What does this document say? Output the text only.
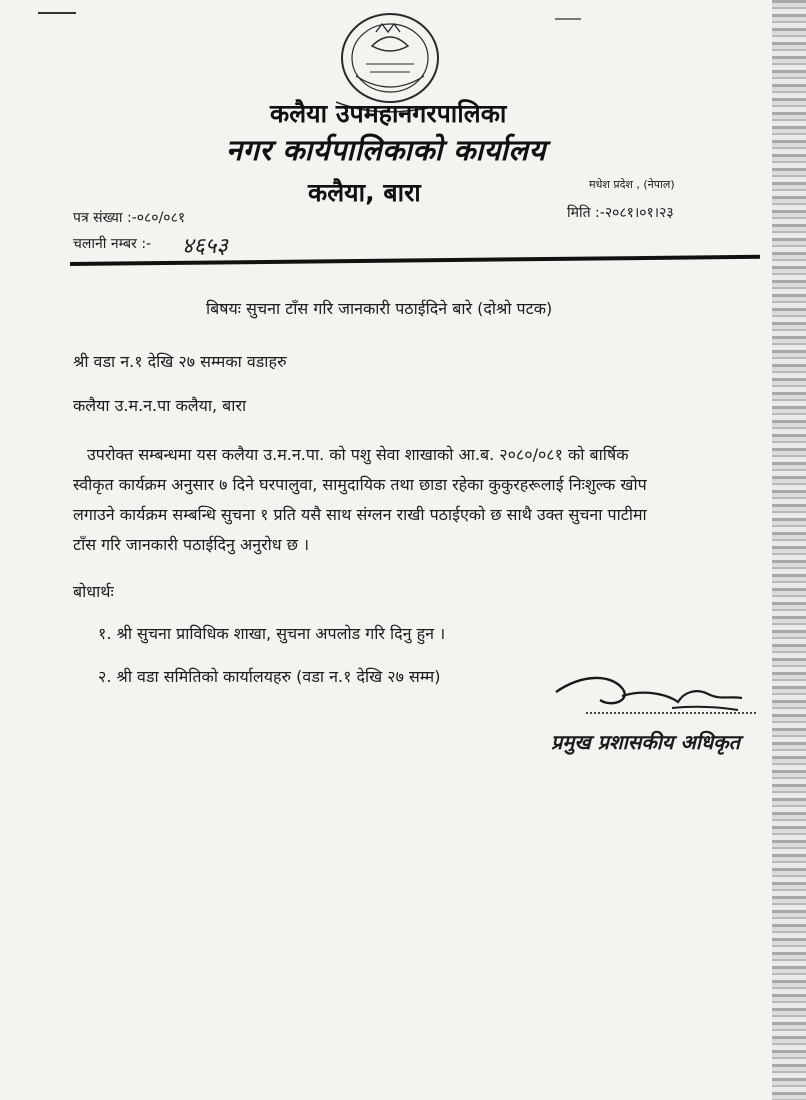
कलैया उपमहानगरपालिका
नगर कार्यपालिकाको कार्यालय
कलैया, बारा	मधेश प्रदेश , (नेपाल)
मिति :-२०८१।०१।२३
पत्र संख्या :-०८०/०८१
चलानी नम्बर :- ४६५३
बिषयः सुचना टाँस गरि जानकारी पठाईदिने बारे (दोश्रो पटक)
श्री वडा न.१ देखि २७ सम्मका वडाहरु
कलैया उ.म.न.पा कलैया, बारा

उपरोक्त सम्बन्धमा यस कलैया उ.म.न.पा. को पशु सेवा शाखाको आ.ब. २०८०/०८१ को बार्षिक

स्वीकृत कार्यक्रम अनुसार ७ दिने घरपालुवा, सामुदायिक तथा छाडा रहेका कुकुरहरूलाई निःशुल्क खोप

लगाउने कार्यक्रम सम्बन्धि सुचना १ प्रति यसै साथ संग्लन राखी पठाईएको छ साथै उक्त सुचना पाटीमा

टाँस गरि जानकारी पठाईदिनु अनुरोध छ ।

बोधार्थः
१. श्री सुचना प्राविधिक शाखा, सुचना अपलोड गरि दिनु हुन ।
२. श्री वडा समितिको कार्यालयहरु (वडा न.१ देखि २७ सम्म)
प्रमुख प्रशासकीय अधिकृत
